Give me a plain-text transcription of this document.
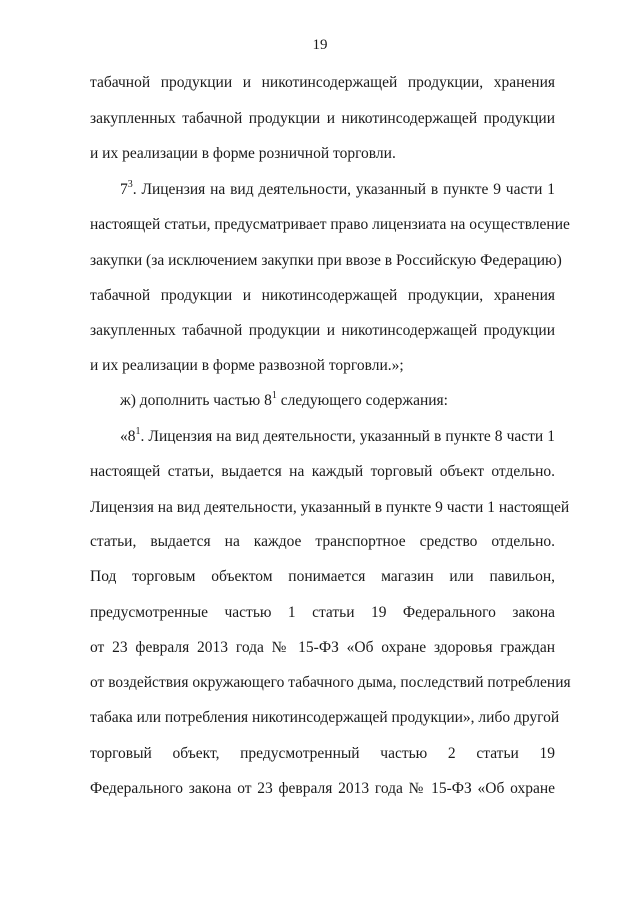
19
табачной продукции и никотинсодержащей продукции, хранения
закупленных табачной продукции и никотинсодержащей продукции
и их реализации в форме розничной торговли.
$7^3$. Лицензия на вид деятельности, указанный в пункте 9 части 1
настоящей статьи, предусматривает право лицензиата на осуществление
закупки (за исключением закупки при ввозе в Российскую Федерацию)
табачной продукции и никотинсодержащей продукции, хранения
закупленных табачной продукции и никотинсодержащей продукции
и их реализации в форме развозной торговли.»;
ж) дополнить частью $8^1$ следующего содержания:
«$8^1$. Лицензия на вид деятельности, указанный в пункте 8 части 1
настоящей статьи, выдается на каждый торговый объект отдельно.
Лицензия на вид деятельности, указанный в пункте 9 части 1 настоящей
статьи, выдается на каждое транспортное средство отдельно.
Под торговым объектом понимается магазин или павильон,
предусмотренные частью 1 статьи 19 Федерального закона
от 23 февраля 2013 года № 15-ФЗ «Об охране здоровья граждан
от воздействия окружающего табачного дыма, последствий потребления
табака или потребления никотинсодержащей продукции», либо другой
торговый объект, предусмотренный частью 2 статьи 19
Федерального закона от 23 февраля 2013 года № 15-ФЗ «Об охране
